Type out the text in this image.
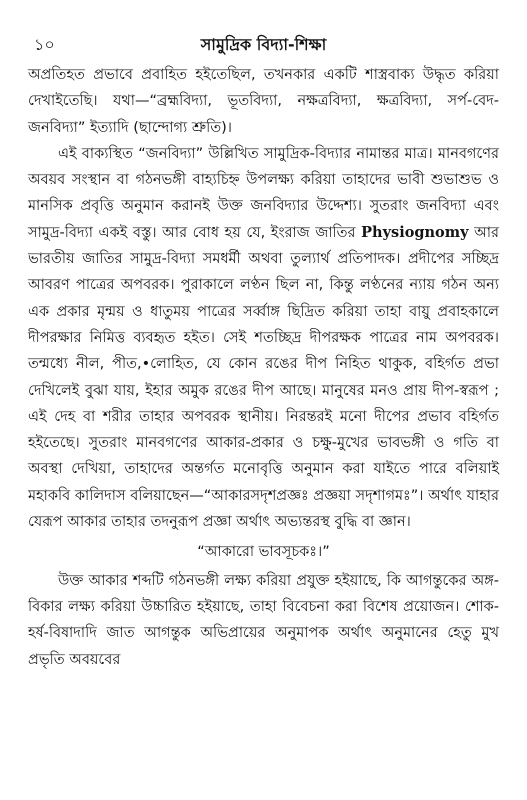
১০	সামুদ্রিক বিদ্যা-শিক্ষা

অপ্রতিহত প্রভাবে প্রবাহিত হইতেছিল, তখনকার একটি শাস্ত্রবাক্য উদ্ধৃত করিয়া দেখাইতেছি। যথা—“ব্রহ্মবিদ্যা, ভূতবিদ্যা, নক্ষত্রবিদ্যা, ক্ষত্রবিদ্যা, সর্প-বেদ-জনবিদ্যা” ইত্যাদি (ছান্দোগ্য শ্রুতি)।

এই বাক্যস্থিত “জনবিদ্যা” উল্লিখিত সামুদ্রিক-বিদ্যার নামান্তর মাত্র। মানবগণের অবয়ব সংস্থান বা গঠনভঙ্গী বাহ্যচিহ্ন উপলক্ষ্য করিয়া তাহাদের ভাবী শুভাশুভ ও মানসিক প্রবৃত্তি অনুমান করানই উক্ত জনবিদ্যার উদ্দেশ্য। সুতরাং জনবিদ্যা এবং সামুদ্র-বিদ্যা একই বস্তু। আর বোধ হয় যে, ইংরাজ জাতির Physiognomy আর ভারতীয় জাতির সামুদ্র-বিদ্যা সমধর্মী অথবা তুল্যার্থ প্রতিপাদক। প্রদীপের সচ্ছিদ্র আবরণ পাত্রের অপবরক। পুরাকালে লণ্ঠন ছিল না, কিন্তু লণ্ঠনের ন্যায় গঠন অন্য এক প্রকার মৃন্ময় ও ধাতুময় পাত্রের সর্ব্বাঙ্গ ছিদ্রিত করিয়া তাহা বায়ু প্রবাহকালে দীপরক্ষার নিমিত্ত ব্যবহৃত হইত। সেই শতচ্ছিদ্র দীপরক্ষক পাত্রের নাম অপবরক। তন্মধ্যে নীল, পীত,•লোহিত, যে কোন রঙের দীপ নিহিত থাকুক, বহির্গত প্রভা দেখিলেই বুঝা যায়, ইহার অমুক রঙের দীপ আছে। মানুষের মনও প্রায় দীপ-স্বরূপ ; এই দেহ বা শরীর তাহার অপবরক স্থানীয়। নিরন্তরই মনো দীপের প্রভাব বহির্গত হইতেছে। সুতরাং মানবগণের আকার-প্রকার ও চক্ষু-মুখের ভাবভঙ্গী ও গতি বা অবস্থা দেখিয়া, তাহাদের অন্তর্গত মনোবৃত্তি অনুমান করা যাইতে পারে বলিয়াই মহাকবি কালিদাস বলিয়াছেন—“আকারসদৃশপ্রজ্ঞঃ প্রজ্ঞয়া সদৃশাগমঃ”। অর্থাৎ যাহার যেরূপ আকার তাহার তদনুরূপ প্রজ্ঞা অর্থাৎ অভ্যন্তরস্থ বুদ্ধি বা জ্ঞান।

“আকারো ভাবসূচকঃ।”

উক্ত আকার শব্দটি গঠনভঙ্গী লক্ষ্য করিয়া প্রযুক্ত হইয়াছে, কি আগন্তুকের অঙ্গ-বিকার লক্ষ্য করিয়া উচ্চারিত হইয়াছে, তাহা বিবেচনা করা বিশেষ প্রয়োজন। শোক-হর্ষ-বিষাদাদি জাত আগন্তুক অভিপ্রায়ের অনুমাপক অর্থাৎ অনুমানের হেতু মুখ প্রভৃতি অবয়বের
